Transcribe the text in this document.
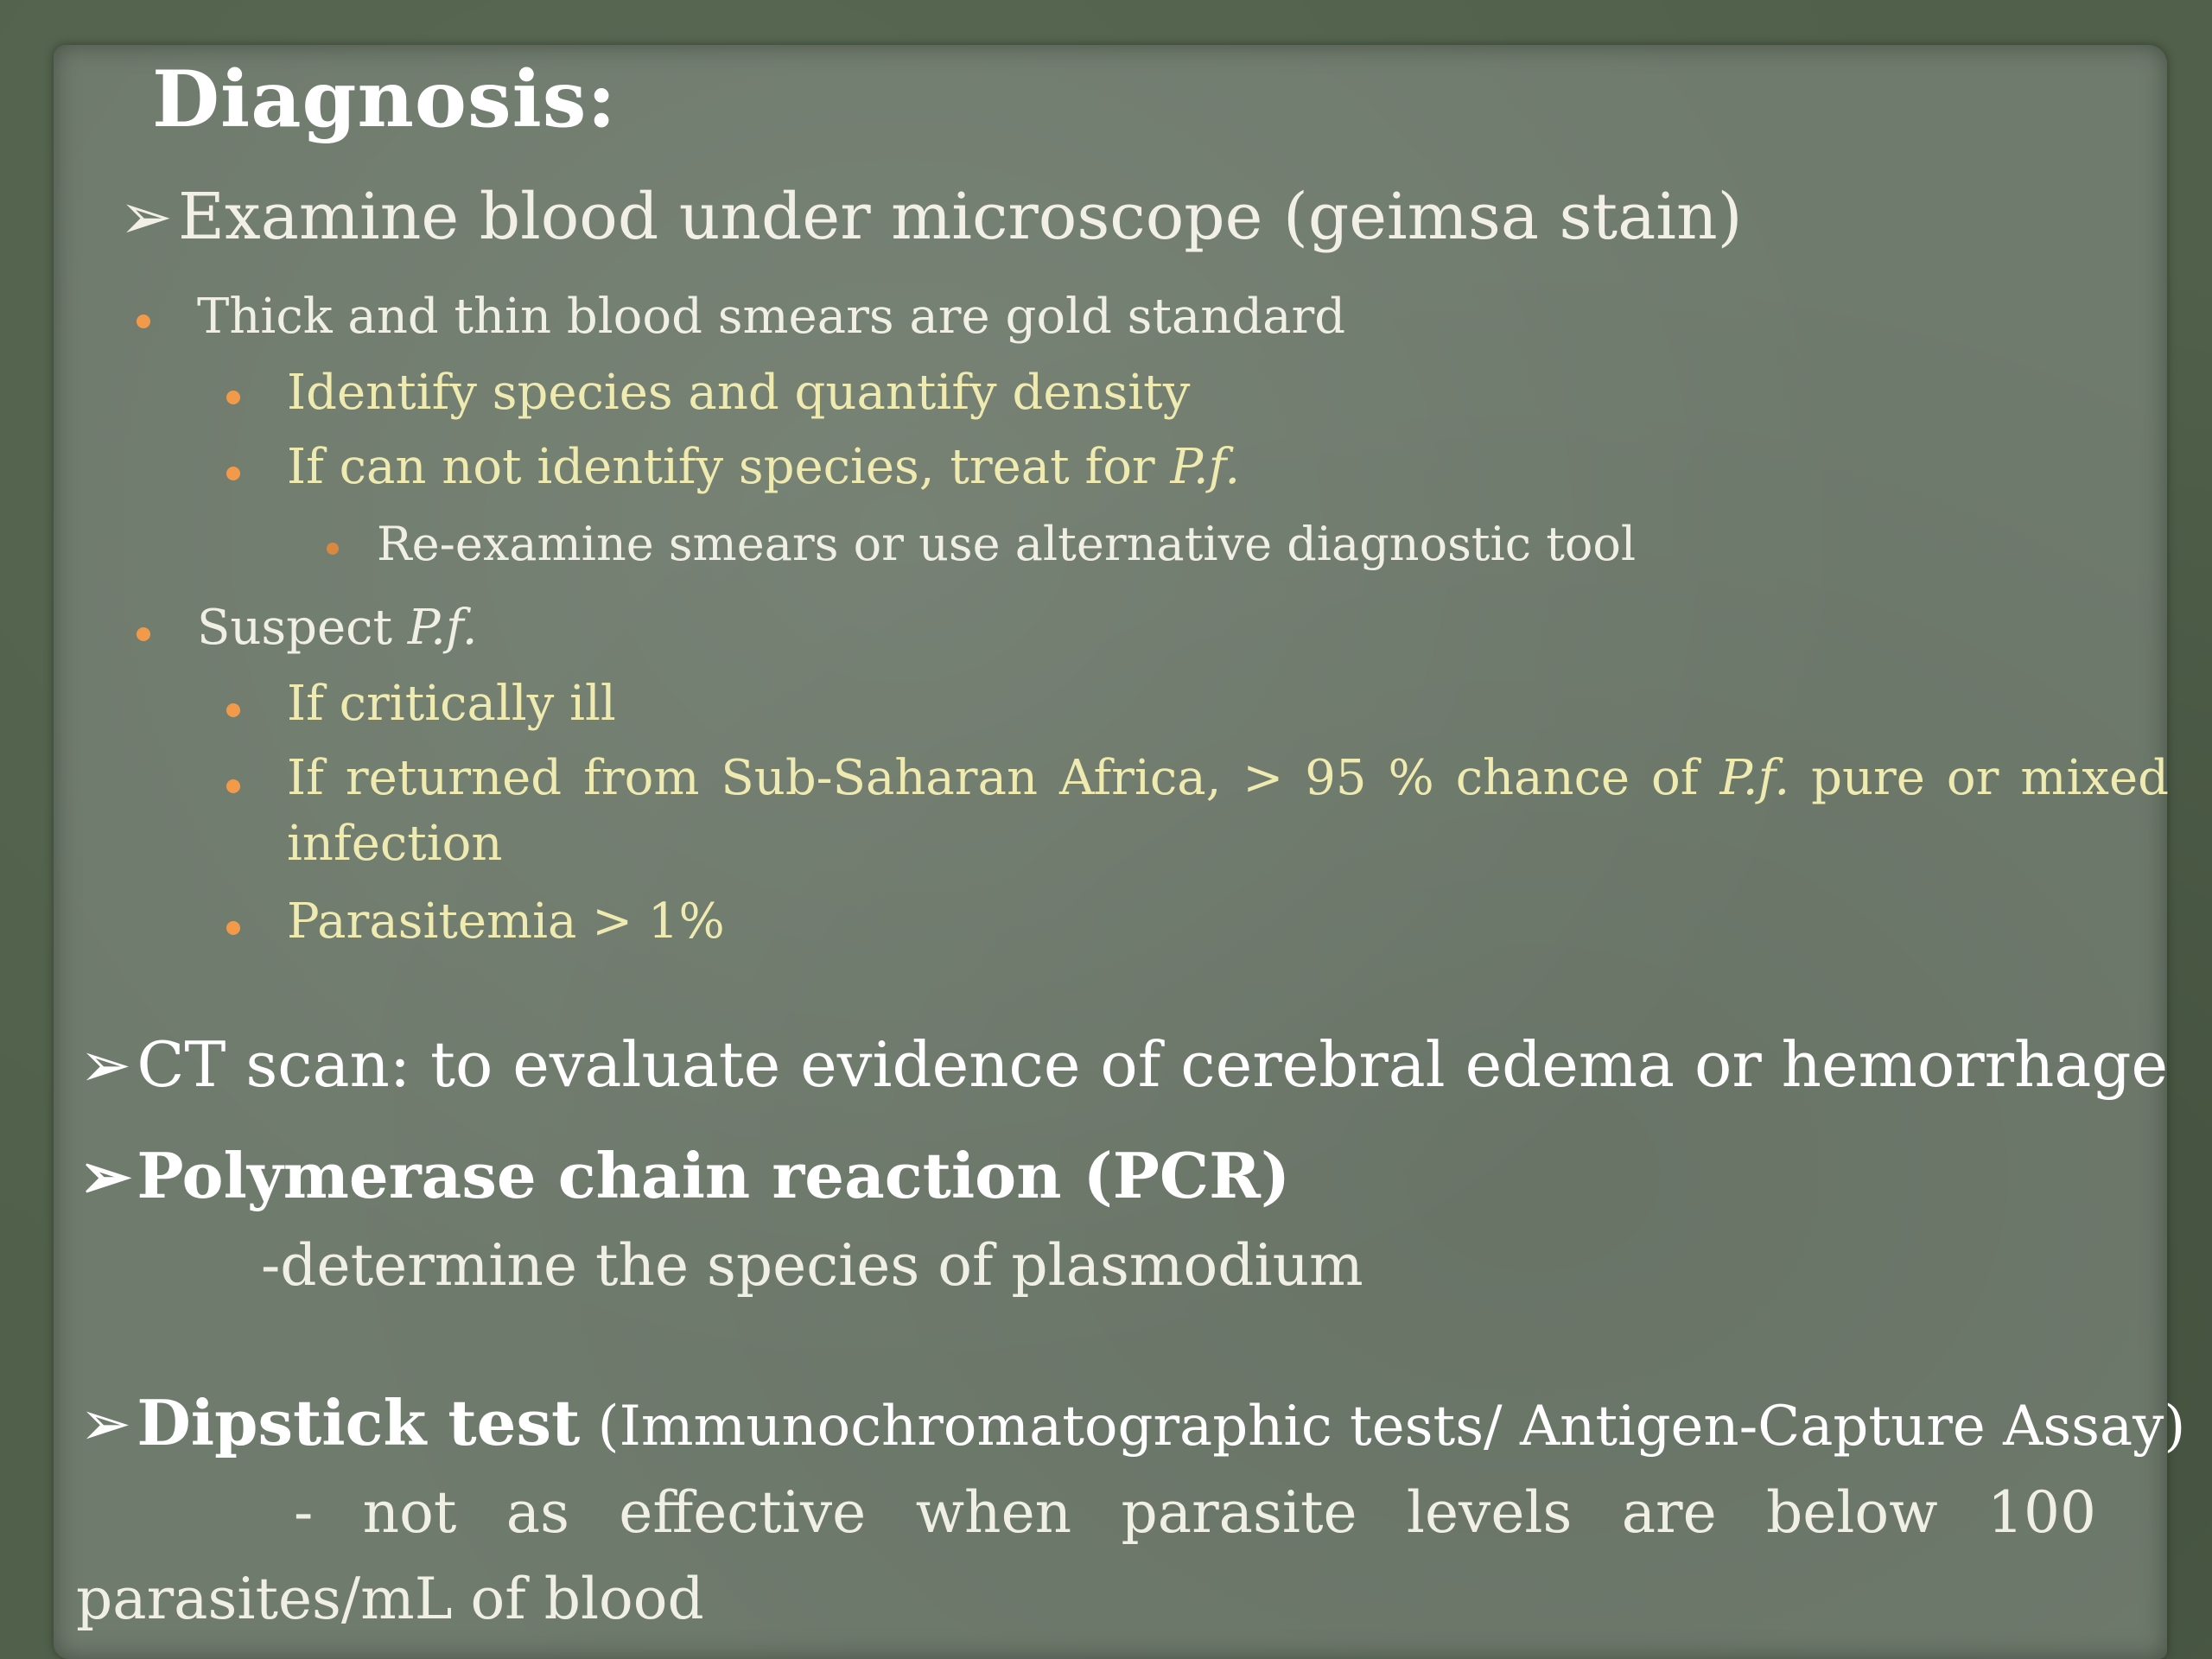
Diagnosis:
➢Examine blood under microscope (geimsa stain)
Thick and thin blood smears are gold standard
Identify species and quantify density
If can not identify species, treat for P.f.
Re-examine smears or use alternative diagnostic tool
Suspect P.f.
If critically ill
If returned from Sub-Saharan Africa, > 95 % chance of P.f. pure or mixed
infection
Parasitemia > 1%
➢CT scan: to evaluate evidence of cerebral edema or hemorrhage
➢Polymerase chain reaction (PCR)
-determine the species of plasmodium
➢Dipstick test (Immunochromatographic tests/ Antigen-Capture Assay)
- not as effective when parasite levels are below 100
parasites/mL of blood
